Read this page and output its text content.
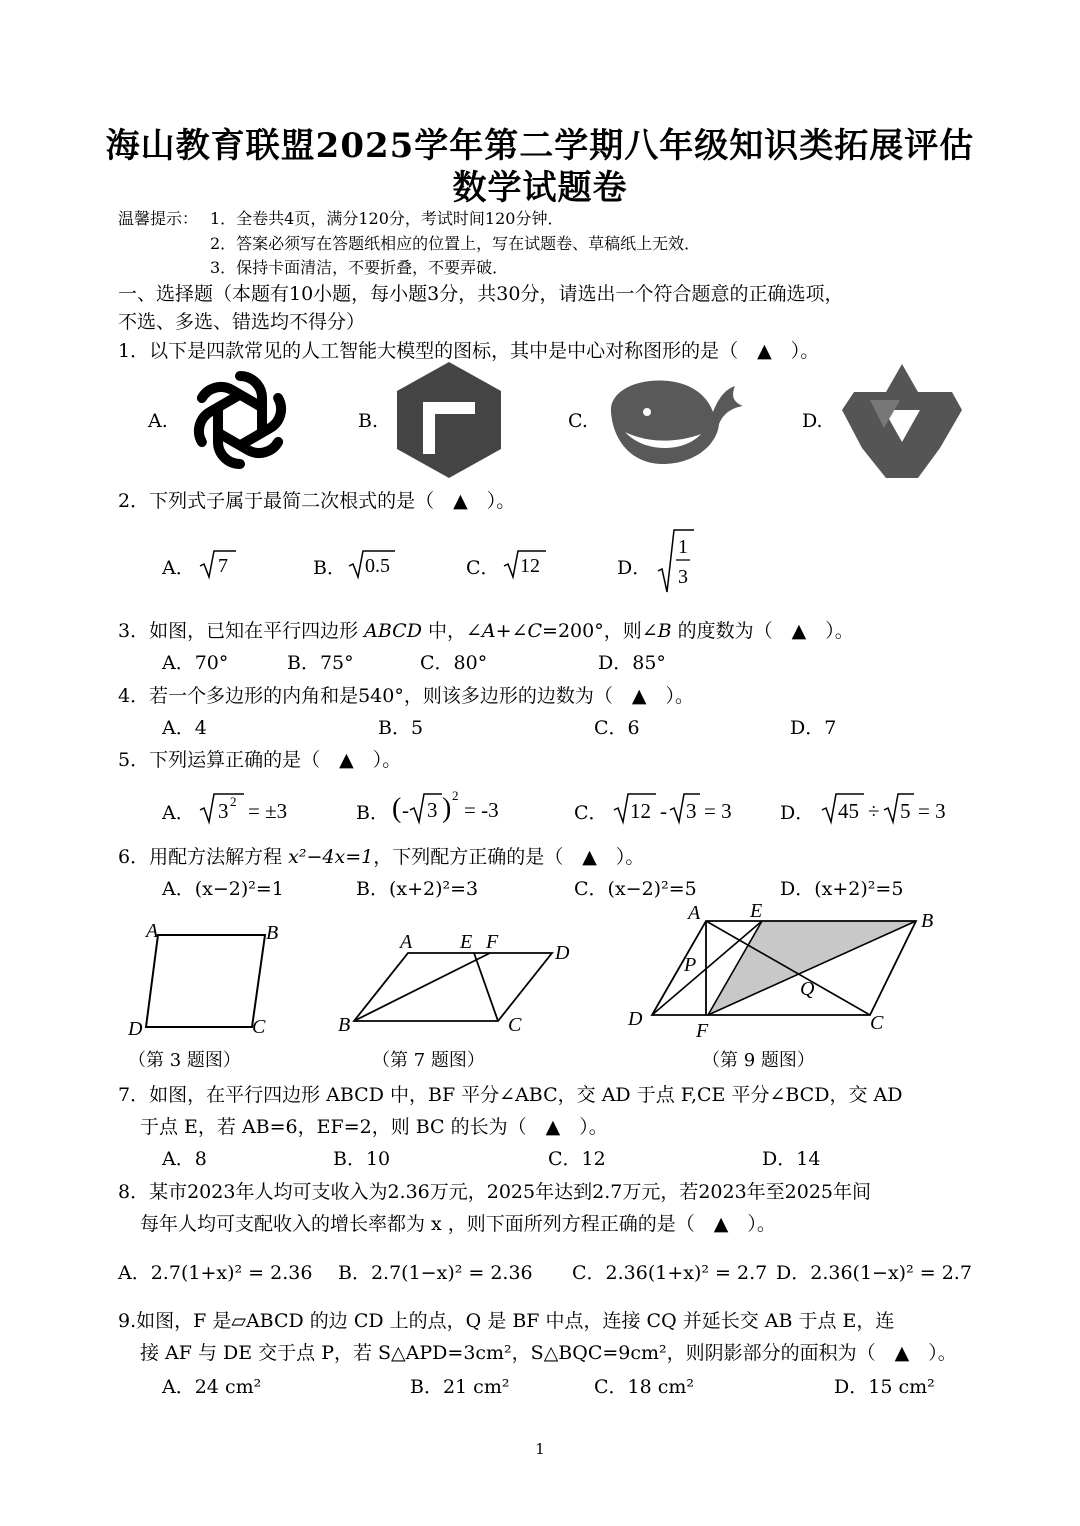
海山教育联盟2025学年第二学期八年级知识类拓展评估
数学试题卷
温馨提示： 1．全卷共4页，满分120分，考试时间120分钟．
2．答案必须写在答题纸相应的位置上，写在试题卷、草稿纸上无效．
3．保持卡面清洁，不要折叠，不要弄破．
一、选择题（本题有10小题，每小题3分，共30分，请选出一个符合题意的正确选项，
不选、多选、错选均不得分）
1．以下是四款常见的人工智能大模型的图标，其中是中心对称图形的是（　▲　）。
A.	B.	C.	D.
2．下列式子属于最简二次根式的是（　▲　）。
A． 7	B． 0.5	C． 12	D．
1
3
3．如图，已知在平行四边形 ABCD 中，∠A+∠C=200°，则∠B 的度数为（　▲　）。
A．70°	B．75°	C．80°	D．85°
4．若一个多边形的内角和是540°，则该多边形的边数为（　▲　）。
A．4	B．5	C．6	D．7
5．下列运算正确的是（　▲　）。
A． 3 2 = ±3	B． ( - 3 ) 2
= -3	C． 12 - 3 = 3	D． 45 ÷ 5 = 3
6．用配方法解方程 x²−4x=1，下列配方正确的是（　▲　）。
A．(x−2)²=1	B．(x+2)²=3	C．(x−2)²=5	D．(x+2)²=5
A	B
C
D
（第 3 题图）
A E F	D
B	C
（第 7 题图）
A E	B
P
Q
D
F	C
（第 9 题图）
7．如图，在平行四边形 ABCD 中，BF 平分∠ABC，交 AD 于点 F,CE 平分∠BCD，交 AD
于点 E，若 AB=6，EF=2，则 BC 的长为（　▲　）。
A．8	B．10	C．12	D．14
8．某市2023年人均可支收入为2.36万元，2025年达到2.7万元，若2023年至2025年间
每年人均可支配收入的增长率都为 x ，则下面所列方程正确的是（　▲　）。
A．2.7(1+x)² = 2.36 B．2.7(1−x)² = 2.36 C．2.36(1+x)² = 2.7 D．2.36(1−x)² = 2.7
9.如图，F 是▱ABCD 的边 CD 上的点，Q 是 BF 中点，连接 CQ 并延长交 AB 于点 E，连
接 AF 与 DE 交于点 P，若 S△APD=3cm²，S△BQC=9cm²，则阴影部分的面积为（　▲　）。
A．24 cm²	B．21 cm²	C．18 cm²	D．15 cm²
1
